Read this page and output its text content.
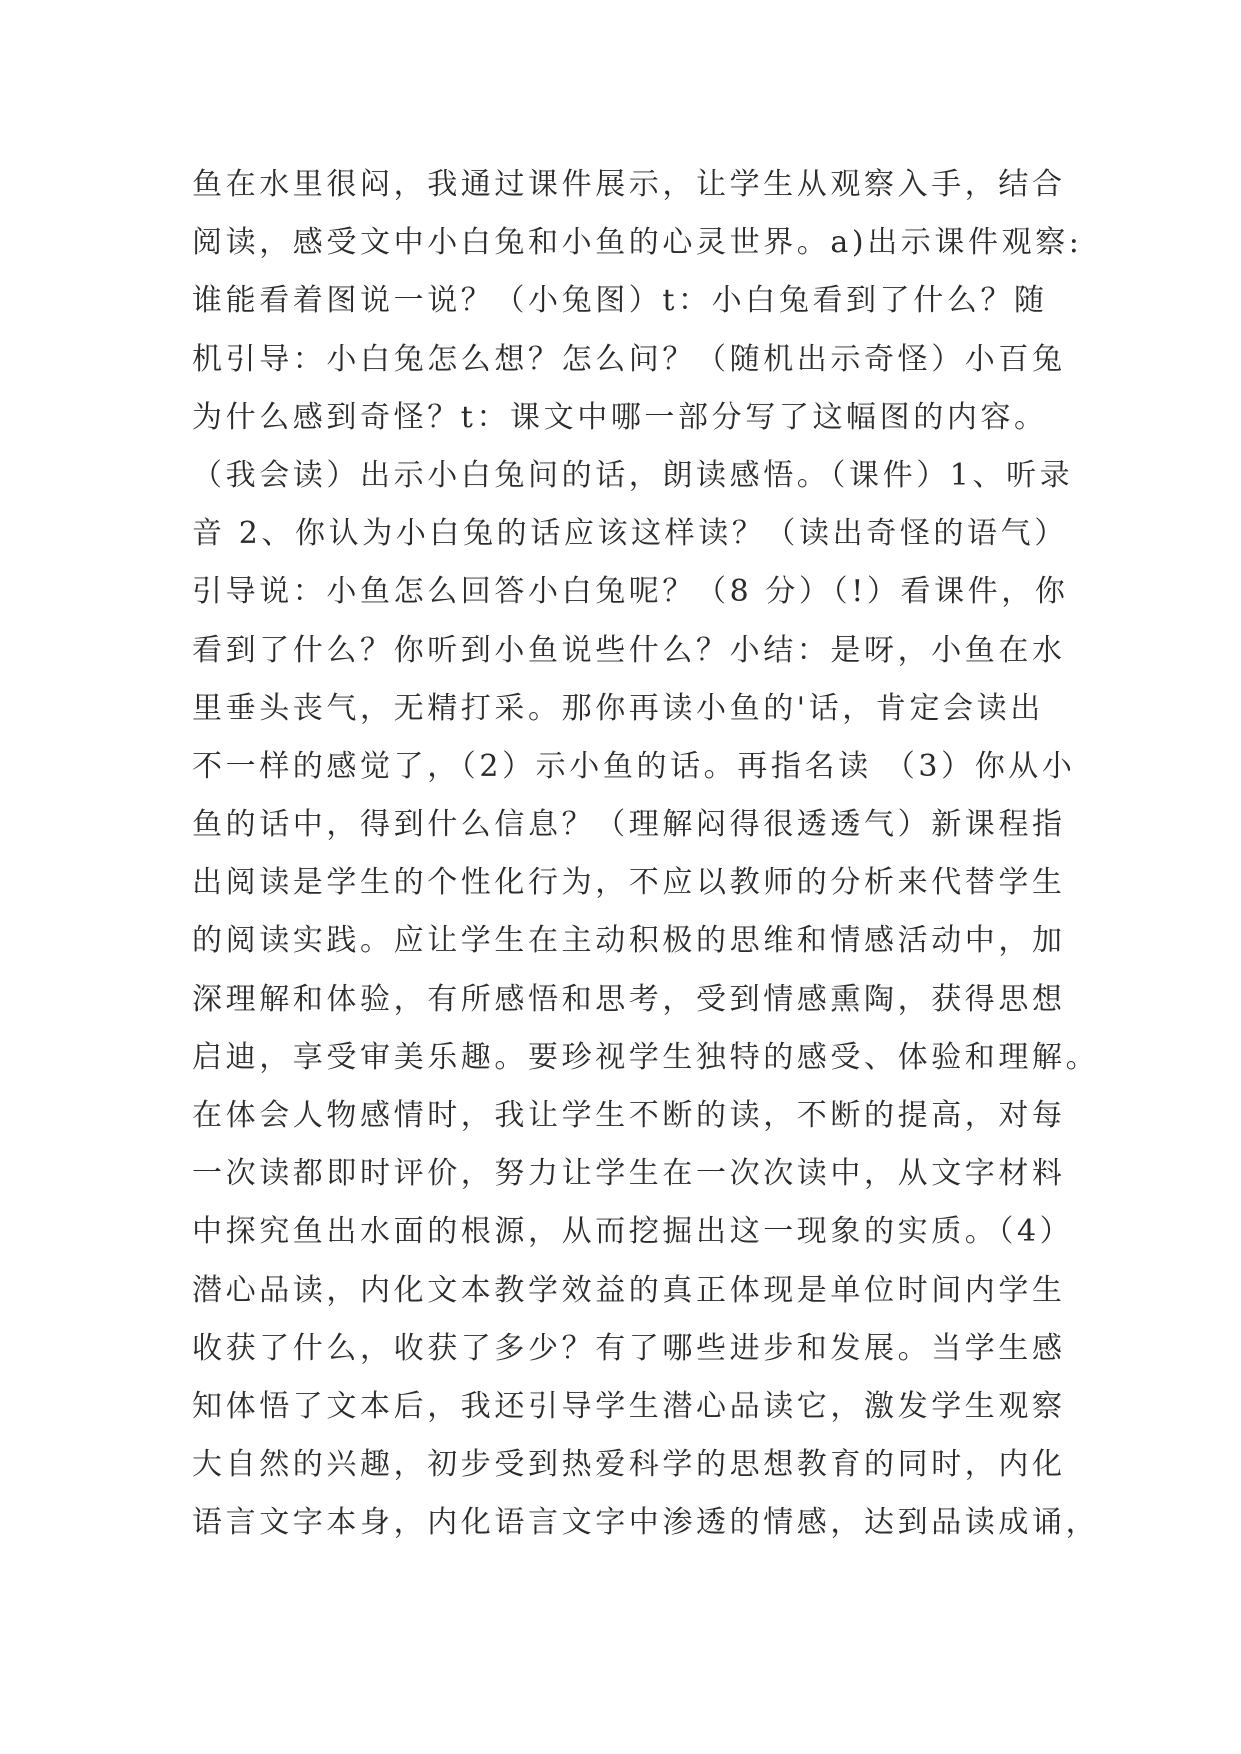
鱼在水里很闷，我通过课件展示，让学生从观察入手，结合
阅读，感受文中小白兔和小鱼的心灵世界。a)出示课件观察:
谁能看着图说一说？（小兔图）t：小白兔看到了什么？随
机引导：小白兔怎么想？怎么问？（随机出示奇怪）小百兔
为什么感到奇怪？t：课文中哪一部分写了这幅图的内容。
（我会读）出示小白兔问的话，朗读感悟。（课件）1、听录
音 2、你认为小白兔的话应该这样读？（读出奇怪的语气）
引导说：小鱼怎么回答小白兔呢？（8 分）（!）看课件，你
看到了什么？你听到小鱼说些什么？小结：是呀，小鱼在水
里垂头丧气，无精打采。那你再读小鱼的'话，肯定会读出
不一样的感觉了，（2）示小鱼的话。再指名读 （3）你从小
鱼的话中，得到什么信息？（理解闷得很透透气）新课程指
出阅读是学生的个性化行为，不应以教师的分析来代替学生
的阅读实践。应让学生在主动积极的思维和情感活动中，加
深理解和体验，有所感悟和思考，受到情感熏陶，获得思想
启迪，享受审美乐趣。要珍视学生独特的感受、体验和理解。
在体会人物感情时，我让学生不断的读，不断的提高，对每
一次读都即时评价，努力让学生在一次次读中，从文字材料
中探究鱼出水面的根源，从而挖掘出这一现象的实质。（4）
潜心品读，内化文本教学效益的真正体现是单位时间内学生
收获了什么，收获了多少？有了哪些进步和发展。当学生感
知体悟了文本后，我还引导学生潜心品读它，激发学生观察
大自然的兴趣，初步受到热爱科学的思想教育的同时，内化
语言文字本身，内化语言文字中渗透的情感，达到品读成诵，
